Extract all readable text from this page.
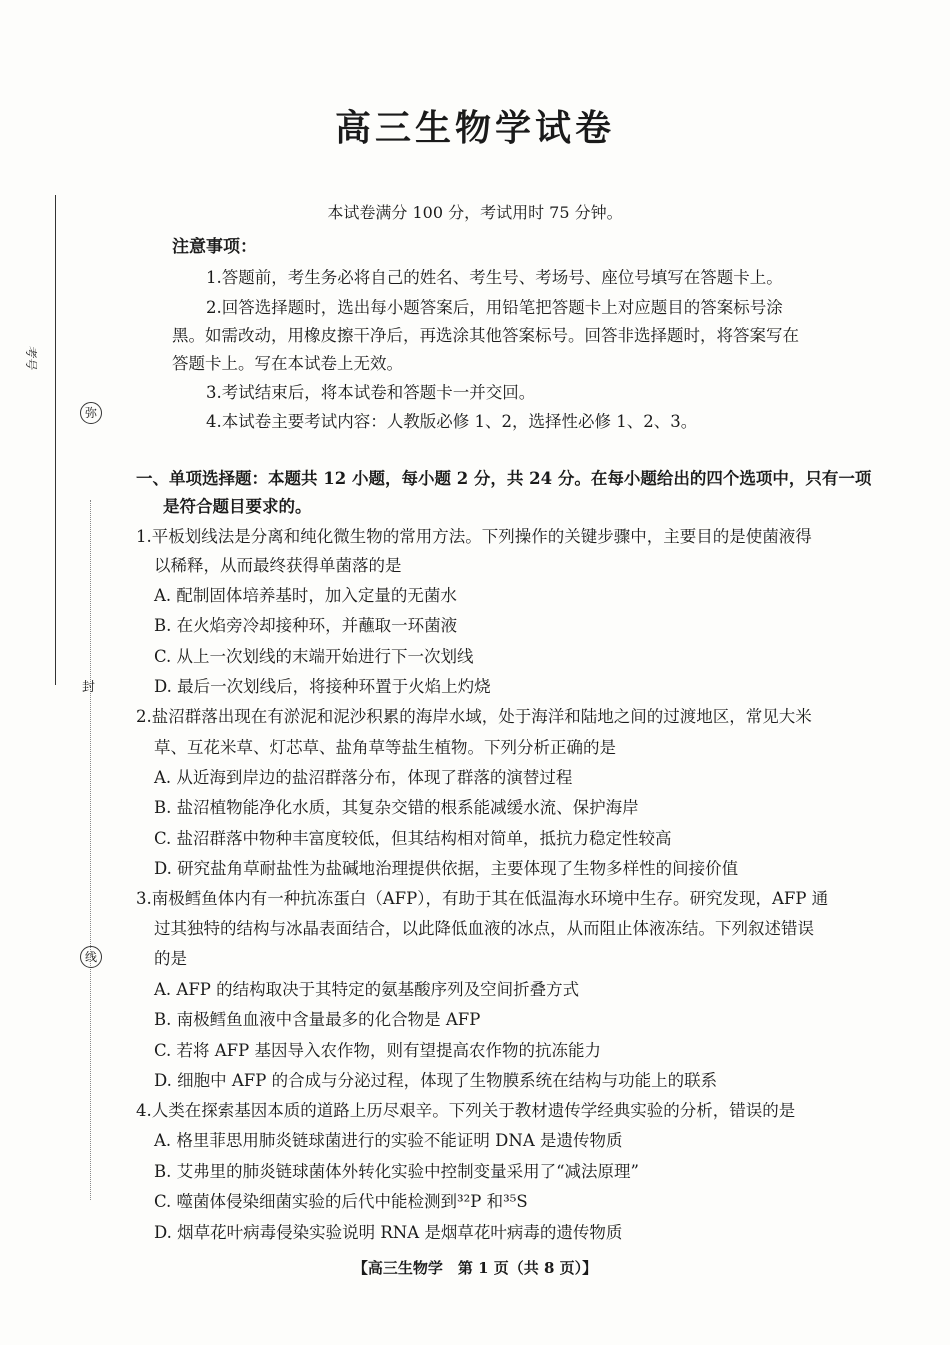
考号
弥
封
线
高三生物学试卷
本试卷满分 100 分，考试用时 75 分钟。
注意事项：
1.答题前，考生务必将自己的姓名、考生号、考场号、座位号填写在答题卡上。
2.回答选择题时，选出每小题答案后，用铅笔把答题卡上对应题目的答案标号涂
黑。如需改动，用橡皮擦干净后，再选涂其他答案标号。回答非选择题时，将答案写在
答题卡上。写在本试卷上无效。
3.考试结束后，将本试卷和答题卡一并交回。
4.本试卷主要考试内容：人教版必修 1、2，选择性必修 1、2、3。
一、单项选择题：本题共 12 小题，每小题 2 分，共 24 分。在每小题给出的四个选项中，只有一项
是符合题目要求的。
1.平板划线法是分离和纯化微生物的常用方法。下列操作的关键步骤中，主要目的是使菌液得
以稀释，从而最终获得单菌落的是
A. 配制固体培养基时，加入定量的无菌水
B. 在火焰旁冷却接种环，并蘸取一环菌液
C. 从上一次划线的末端开始进行下一次划线
D. 最后一次划线后，将接种环置于火焰上灼烧
2.盐沼群落出现在有淤泥和泥沙积累的海岸水域，处于海洋和陆地之间的过渡地区，常见大米
草、互花米草、灯芯草、盐角草等盐生植物。下列分析正确的是
A. 从近海到岸边的盐沼群落分布，体现了群落的演替过程
B. 盐沼植物能净化水质，其复杂交错的根系能减缓水流、保护海岸
C. 盐沼群落中物种丰富度较低，但其结构相对简单，抵抗力稳定性较高
D. 研究盐角草耐盐性为盐碱地治理提供依据，主要体现了生物多样性的间接价值
3.南极鳕鱼体内有一种抗冻蛋白（AFP），有助于其在低温海水环境中生存。研究发现，AFP 通
过其独特的结构与冰晶表面结合，以此降低血液的冰点，从而阻止体液冻结。下列叙述错误
的是
A. AFP 的结构取决于其特定的氨基酸序列及空间折叠方式
B. 南极鳕鱼血液中含量最多的化合物是 AFP
C. 若将 AFP 基因导入农作物，则有望提高农作物的抗冻能力
D. 细胞中 AFP 的合成与分泌过程，体现了生物膜系统在结构与功能上的联系
4.人类在探索基因本质的道路上历尽艰辛。下列关于教材遗传学经典实验的分析，错误的是
A. 格里菲思用肺炎链球菌进行的实验不能证明 DNA 是遗传物质
B. 艾弗里的肺炎链球菌体外转化实验中控制变量采用了“减法原理”
C. 噬菌体侵染细菌实验的后代中能检测到³²P 和³⁵S
D. 烟草花叶病毒侵染实验说明 RNA 是烟草花叶病毒的遗传物质
【高三生物学　第 1 页（共 8 页）】
